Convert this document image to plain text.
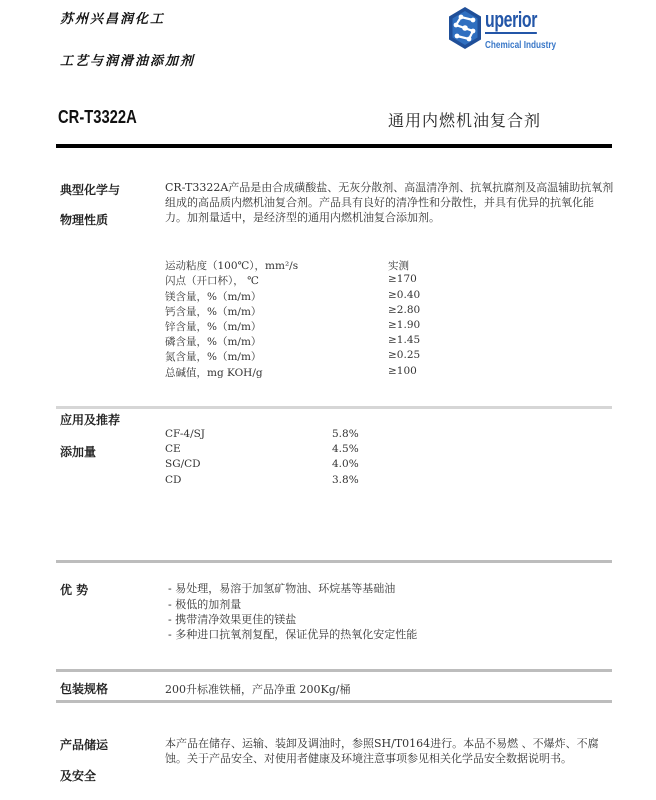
苏州兴昌润化工
工艺与润滑油添加剂
uperior
Chemical Industry
CR-T3322A	通用内燃机油复合剂
典型化学与
物理性质
CR-T3322A产品是由合成磺酸盐、无灰分散剂、高温清净剂、抗氧抗腐剂及高温辅助抗氧剂组成的高品质内燃机油复合剂。产品具有良好的清净性和分散性，并具有优异的抗氧化能力。加剂量适中，是经济型的通用内燃机油复合添加剂。
运动粘度（100℃），mm²/s	实测
闪点（开口杯）， ℃	≥170
镁含量，%（m/m）	≥0.40
钙含量，%（m/m）	≥2.80
锌含量，%（m/m）	≥1.90
磷含量，%（m/m）	≥1.45
氮含量，%（m/m）	≥0.25
总碱值，mg KOH/g	≥100
应用及推荐
添加量
CF-4/SJ	5.8%
CE	4.5%
SG/CD	4.0%
CD	3.8%
优 势	- 易处理，易溶于加氢矿物油、环烷基等基础油
- 极低的加剂量
- 携带清净效果更佳的镁盐
- 多种进口抗氧剂复配，保证优异的热氧化安定性能
包装规格	200升标准铁桶，产品净重 200Kg/桶
产品储运
及安全
本产品在储存、运输、装卸及调油时，参照SH/T0164进行。本品不易燃 、不爆炸、不腐蚀。关于产品安全、对使用者健康及环境注意事项参见相关化学品安全数据说明书。
